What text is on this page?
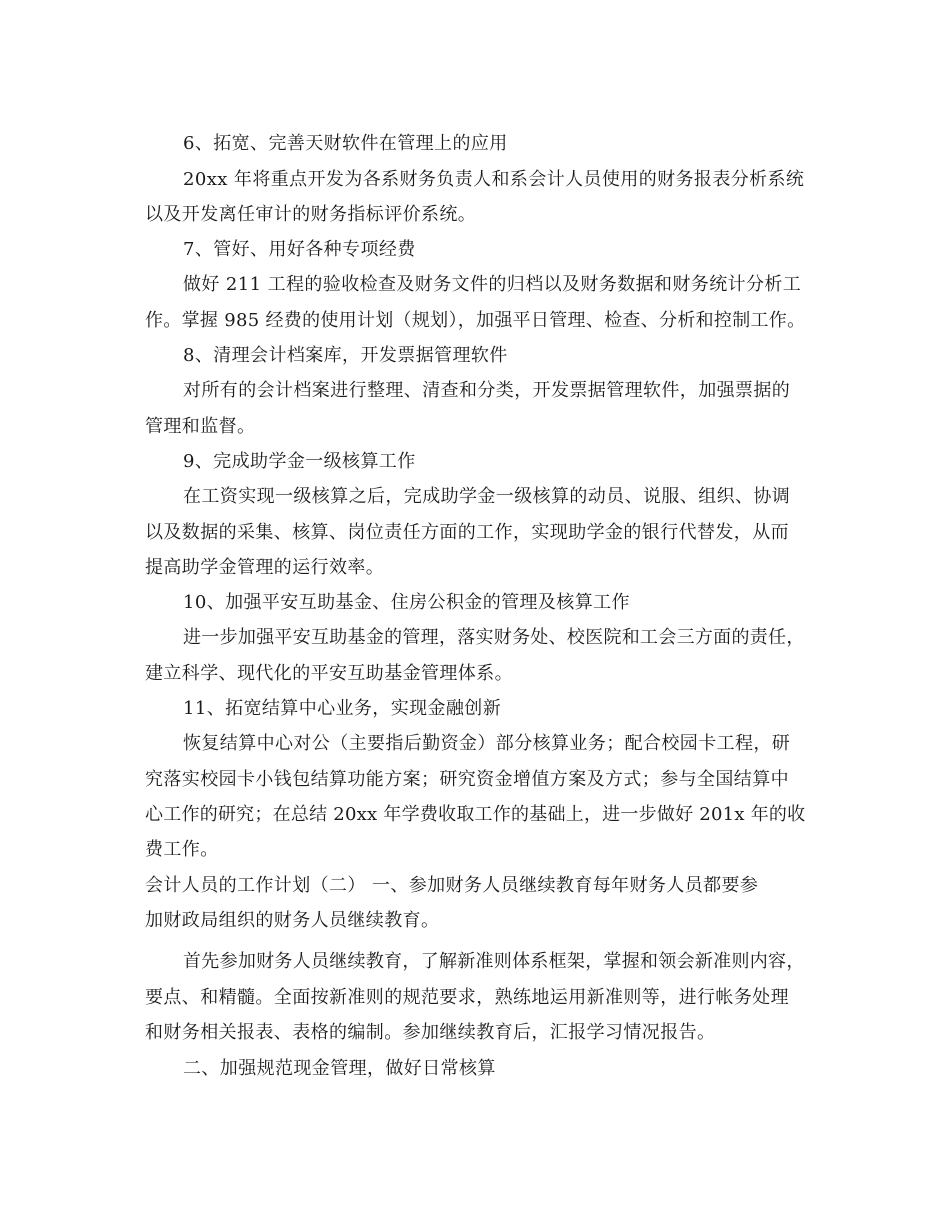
6、拓宽、完善天财软件在管理上的应用
20xx 年将重点开发为各系财务负责人和系会计人员使用的财务报表分析系统
以及开发离任审计的财务指标评价系统。
7、管好、用好各种专项经费
做好 211 工程的验收检查及财务文件的归档以及财务数据和财务统计分析工
作。掌握 985 经费的使用计划（规划），加强平日管理、检查、分析和控制工作。
8、清理会计档案库，开发票据管理软件
对所有的会计档案进行整理、清查和分类，开发票据管理软件，加强票据的
管理和监督。
9、完成助学金一级核算工作
在工资实现一级核算之后，完成助学金一级核算的动员、说服、组织、协调
以及数据的采集、核算、岗位责任方面的工作，实现助学金的银行代替发，从而
提高助学金管理的运行效率。
10、加强平安互助基金、住房公积金的管理及核算工作
进一步加强平安互助基金的管理，落实财务处、校医院和工会三方面的责任，
建立科学、现代化的平安互助基金管理体系。
11、拓宽结算中心业务，实现金融创新
恢复结算中心对公（主要指后勤资金）部分核算业务；配合校园卡工程，研
究落实校园卡小钱包结算功能方案；研究资金增值方案及方式；参与全国结算中
心工作的研究；在总结 20xx 年学费收取工作的基础上，进一步做好 201x 年的收
费工作。
会计人员的工作计划（二） 一、参加财务人员继续教育每年财务人员都要参
加财政局组织的财务人员继续教育。
首先参加财务人员继续教育，了解新准则体系框架，掌握和领会新准则内容，
要点、和精髓。全面按新准则的规范要求，熟练地运用新准则等，进行帐务处理
和财务相关报表、表格的编制。参加继续教育后，汇报学习情况报告。
二、加强规范现金管理，做好日常核算
